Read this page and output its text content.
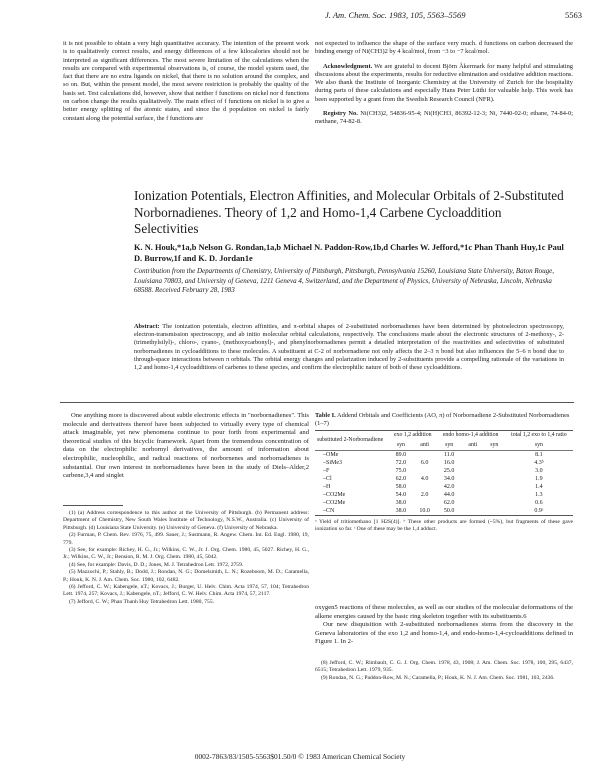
J. Am. Chem. Soc. 1983, 105, 5563–5569	5563

it is not possible to obtain a very high quantitative accuracy. The intention of the present work is to qualitatively correct results, and energy differences of a few kilocalories should not be interpreted as significant differences. The most severe limitation of the calculations when the results are compared with experimental observations is, of course, the model system used, the fact that there are no extra ligands on nickel, that there is no solution around the complex, and so on. But, within the present model, the most severe restriction is probably the quality of the basis set. Test calculations did, however, show that neither f functions on nickel nor d functions on carbon change the results qualitatively. The main effect of f functions on nickel is to give a better energy splitting of the atomic states, and since the d population on nickel is fairly constant along the potential surface, the f functions are

not expected to influence the shape of the surface very much. d functions on carbon decreased the binding energy of Ni(CH3)2 by 4 kcal/mol, from −3 to −7 kcal/mol.

Acknowledgment. We are grateful to docent Björn Åkermark for many helpful and stimulating discussions about the experiments, results for reductive elimination and oxidative addition reactions. We also thank the Institute of Inorganic Chemistry at the University of Zurich for the hospitality during parts of these calculations and especially Hans Peter Lüthi for valuable help. This work has been supported by a grant from the Swedish Research Council (NFR).

Registry No. Ni(CH3)2, 54836-95-4; Ni(H)CH3, 86392-12-3; Ni, 7440-02-0; ethane, 74-84-0; methane, 74-82-8.

Ionization Potentials, Electron Affinities, and Molecular Orbitals of 2-Substituted Norbornadienes. Theory of 1,2 and Homo-1,4 Carbene Cycloaddition Selectivities
K. N. Houk,*1a,b Nelson G. Rondan,1a,b Michael N. Paddon-Row,1b,d Charles W. Jefford,*1c Phan Thanh Huy,1c Paul D. Burrow,1f and K. D. Jordan1e
Contribution from the Departments of Chemistry, University of Pittsburgh, Pittsburgh, Pennsylvania 15260, Louisiana State University, Baton Rouge, Louisiana 70803, and University of Geneva, 1211 Geneva 4, Switzerland, and the Department of Physics, University of Nebraska, Lincoln, Nebraska 68588. Received February 28, 1983
Abstract: The ionization potentials, electron affinities, and π-orbital shapes of 2-substituted norbornadienes have been determined by photoelectron spectroscopy, electron-transmission spectroscopy, and ab initio molecular orbital calculations, respectively. The conclusions made about the electronic structures of 2-methoxy-, 2-(trimethylsilyl)-, chloro-, cyano-, (methoxycarbonyl)-, and phenylnorbornadienes permit a detailed interpretation of the reactivities and selectivities of substituted norbornadienes in cycloadditions to these molecules. A substituent at C-2 of norbornadiene not only affects the 2–3 π bond but also influences the 5–6 π bond due to through-space interactions between π orbitals. The orbital energy changes and polarization induced by 2-substituents provide a compelling rationale of the variations in 1,2 and homo-1,4 cycloadditions of carbenes to these species, and confirm the electrophilic nature of both of these cycloadditions.

One anything more is discovered about subtle electronic effects in "norbornadienes". This molecule and derivatives thereof have been subjected to virtually every type of chemical attack imaginable, yet new phenomena continue to pour forth from experimental and theoretical studies of this bicyclic framework. Apart from the tremendous concentration of data on the electrophilic norbornyl derivatives, the amount of information about electrophilic, nucleophilic, and radical reactions of norbornenes and norbornadienes is substantial. Our own interest in norbornadienes have been in the study of Diels–Alder,2 carbene,3,4 and singlet

(1) (a) Address correspondence to this author at the University of Pittsburgh. (b) Permanent address: Department of Chemistry, New South Wales Institute of Technology, N.S.W., Australia. (c) University of Pittsburgh. (d) Louisiana State University. (e) University of Geneva. (f) University of Nebraska.
(2) Furman, P. Chem. Rev. 1976, 75, 499. Sauer, J.; Sustmann, R. Angew. Chem. Int. Ed. Engl. 1980, 19, 779.
(3) See, for example: Richey, H. G., Jr.; Wilkins, C. W., Jr. J. Org. Chem. 1980, 45, 5027. Richey, H. G., Jr.; Wilkins, C. W., Jr.; Bension, R. M. J. Org. Chem. 1980, 45, 5042.
(4) See, for example: Davis, D. D.; Jones, M. J. Tetrahedron Lett. 1972, 2759.
(5) Mazzochi, P.; Stahly, B.; Dodd, J.; Rondan, N. G.; Domelsmith, L. N.; Rozeboom, M. D.; Caramella, P.; Houk, K. N. J. Am. Chem. Soc. 1980, 102, 6482.
(6) Jefford, C. W.; Kabengele, nT.; Kovacs, J.; Burger, U. Helv. Chim. Acta 1974, 57, 104; Tetrahedron Lett. 1974, 257; Kovacs, J.; Kabengele, nT.; Jefford, C. W. Helv. Chim. Acta 1974, 57, 2117.
(7) Jefford, C. W.; Phan Thanh Huy Tetrahedron Lett. 1980, 755.
Table I. Addend Orbitals and Coefficients (AO, π) of Norbornadiene 2-Substituted Norbornadienes (1–7)
substituted 2-Norbornadiene	exo 1,2 addition		endo homo-1,4 addition			total 1,2 exo to 1,4 ratio
	syn	anti	syn	anti	syn	syn
–OMe	89.0		11.0			8.1
–SiMe3	72.0	6.0	16.0			4.3ᵇ
–F	75.0		25.0			3.0
–Cl	62.0	4.0	34.0			1.9
–H	58.0		42.0			1.4
–CO2Me	54.0	2.0	44.0			1.3
–CO2Me	38.0		62.0			0.6
–CN	38.0	10.0	50.0			0.9ᶜ
ᵃ Yield of tritiomethano [1 H2S(4)]. ᵇ These other products are formed (~5%), but fragments of these gave ionization so far. ᶜ One of these may be the 1,4 adduct.

oxygen5 reactions of these molecules, as well as our studies of the molecular deformations of the alkene energies caused by the basic ring skeleton together with its substituents.6

Our new disquisition with 2-substituted norbornadienes stems from the discovery in the Geneva laboratories of the exo 1,2 and homo-1,4, and endo-homo-1,4-cycloadditions defined in Figure 1. In 2-

(8) Jefford, C. W.; Rimbault, C. G. J. Org. Chem. 1978, 43, 1908; J. Am. Chem. Soc. 1978, 100, 295, 6437, 6515; Tetrahedron Lett. 1979, 935.
(9) Rondan, N. G.; Paddon-Row, M. N.; Caramella, P.; Houk, K. N. J. Am. Chem. Soc. 1981, 103, 2436.
0002-7863/83/1505-5563$01.50/0 © 1983 American Chemical Society
